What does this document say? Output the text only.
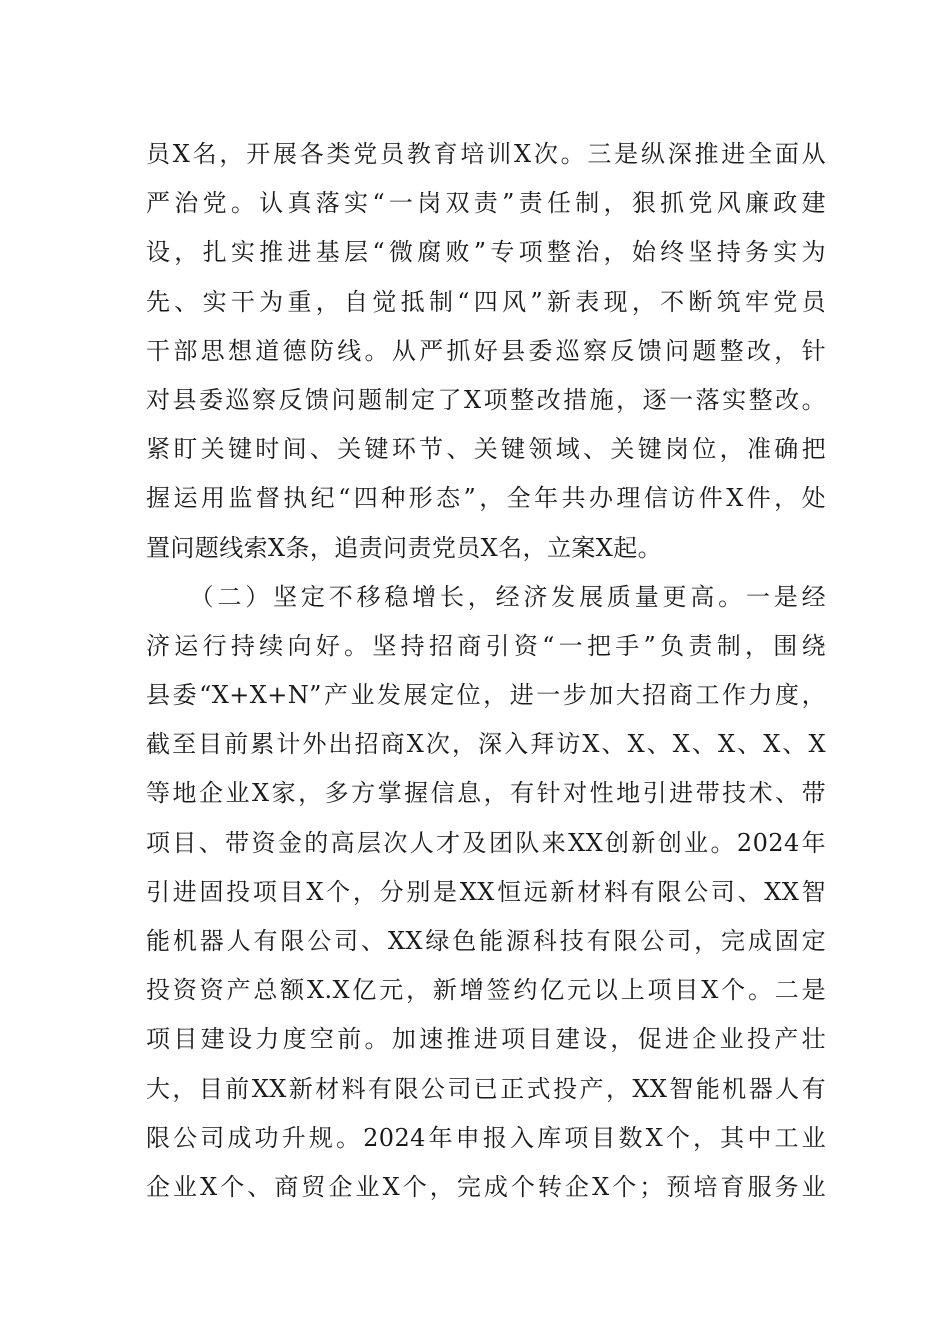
员X名，开展各类党员教育培训X次。三是纵深推进全面从
严治党。认真落实“一岗双责”责任制，狠抓党风廉政建
设，扎实推进基层“微腐败”专项整治，始终坚持务实为
先、实干为重，自觉抵制“四风”新表现，不断筑牢党员
干部思想道德防线。从严抓好县委巡察反馈问题整改，针
对县委巡察反馈问题制定了X项整改措施，逐一落实整改。
紧盯关键时间、关键环节、关键领域、关键岗位，准确把
握运用监督执纪“四种形态”，全年共办理信访件X件，处
置问题线索X条，追责问责党员X名，立案X起。
　　（二）坚定不移稳增长，经济发展质量更高。一是经
济运行持续向好。坚持招商引资“一把手”负责制，围绕
县委“X+X+N”产业发展定位，进一步加大招商工作力度，
截至目前累计外出招商X次，深入拜访X、X、X、X、X、X
等地企业X家，多方掌握信息，有针对性地引进带技术、带
项目、带资金的高层次人才及团队来XX创新创业。2024年
引进固投项目X个，分别是XX恒远新材料有限公司、XX智
能机器人有限公司、XX绿色能源科技有限公司，完成固定
投资资产总额X.X亿元，新增签约亿元以上项目X个。二是
项目建设力度空前。加速推进项目建设，促进企业投产壮
大，目前XX新材料有限公司已正式投产，XX智能机器人有
限公司成功升规。2024年申报入库项目数X个，其中工业
企业X个、商贸企业X个，完成个转企X个；预培育服务业
